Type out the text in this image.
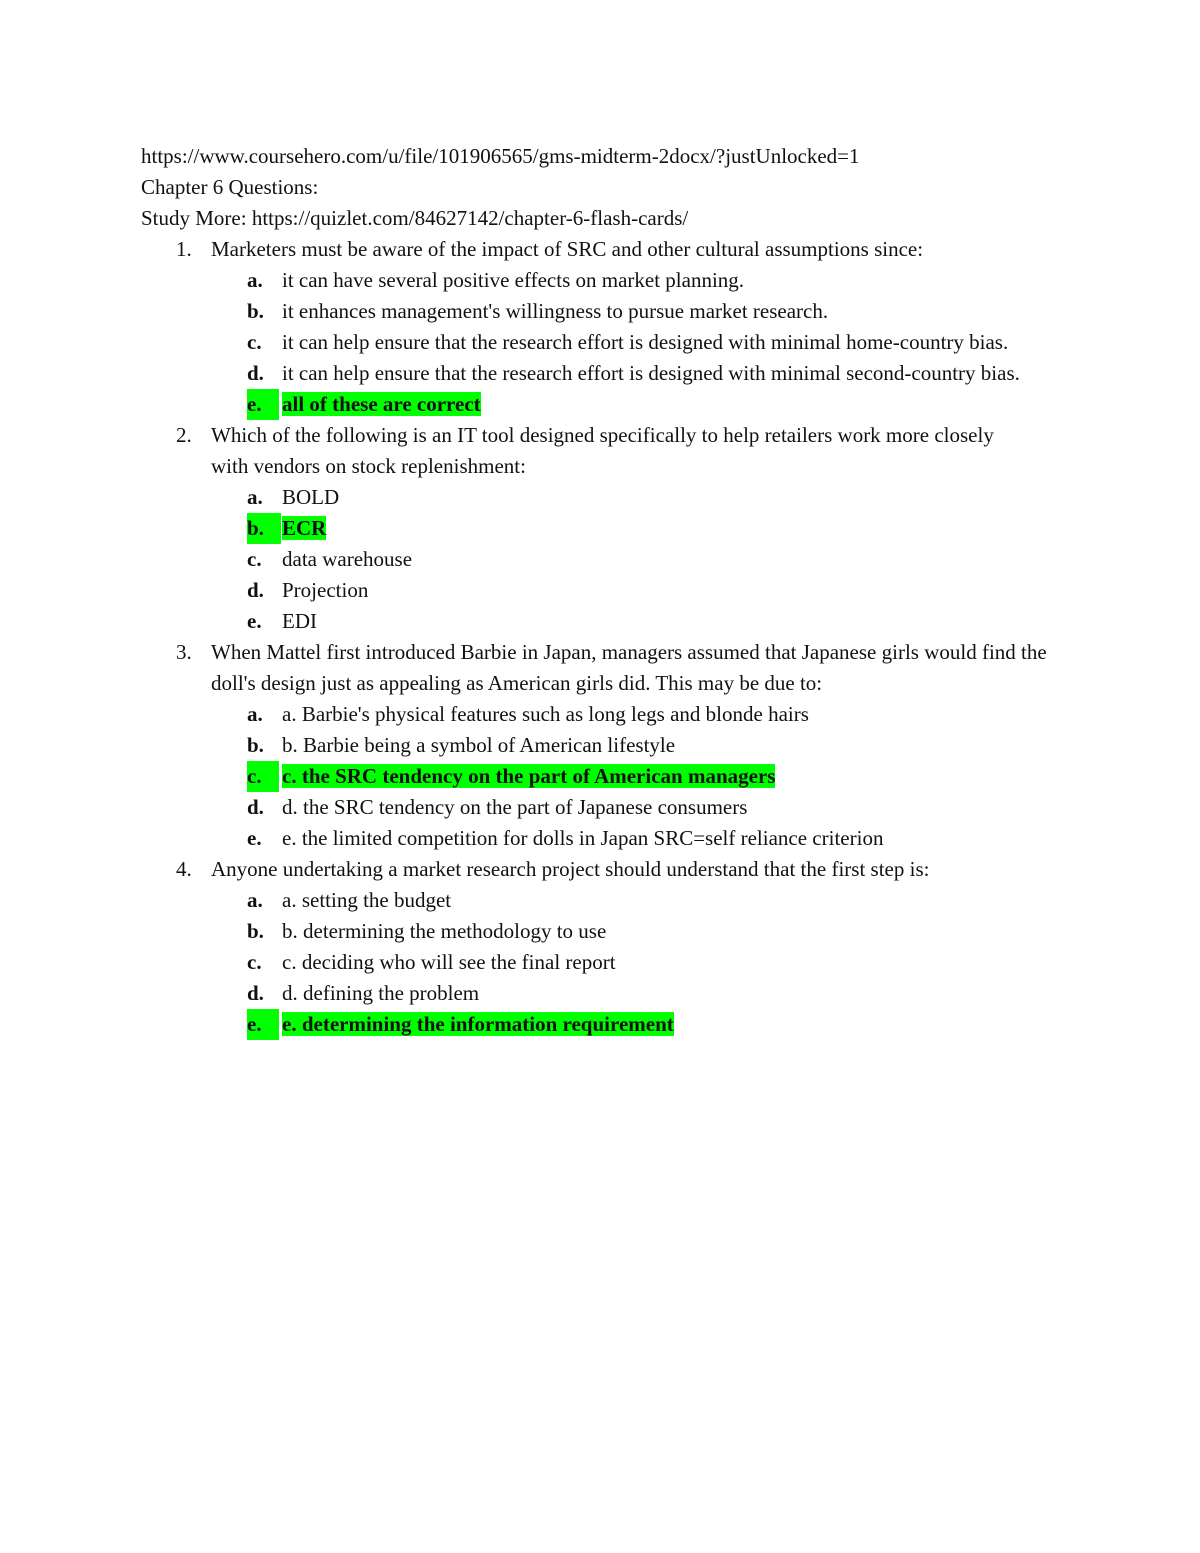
https://www.coursehero.com/u/file/101906565/gms-midterm-2docx/?justUnlocked=1

Chapter 6 Questions:

Study More: https://quizlet.com/84627142/chapter-6-flash-cards/

1. Marketers must be aware of the impact of SRC and other cultural assumptions since:
a. it can have several positive effects on market planning.
b. it enhances management's willingness to pursue market research.
c. it can help ensure that the research effort is designed with minimal home-country bias.
d. it can help ensure that the research effort is designed with minimal second-country bias.
e. all of these are correct
2. Which of the following is an IT tool designed specifically to help retailers work more closely with vendors on stock replenishment:
a. BOLD
b. ECR
c. data warehouse
d. Projection
e. EDI
3. When Mattel first introduced Barbie in Japan, managers assumed that Japanese girls would find the doll's design just as appealing as American girls did. This may be due to:
a. a. Barbie's physical features such as long legs and blonde hairs
b. b. Barbie being a symbol of American lifestyle
c. c. the SRC tendency on the part of American managers
d. d. the SRC tendency on the part of Japanese consumers
e. e. the limited competition for dolls in Japan SRC=self reliance criterion
4. Anyone undertaking a market research project should understand that the first step is:
a. a. setting the budget
b. b. determining the methodology to use
c. c. deciding who will see the final report
d. d. defining the problem
e. e. determining the information requirement
